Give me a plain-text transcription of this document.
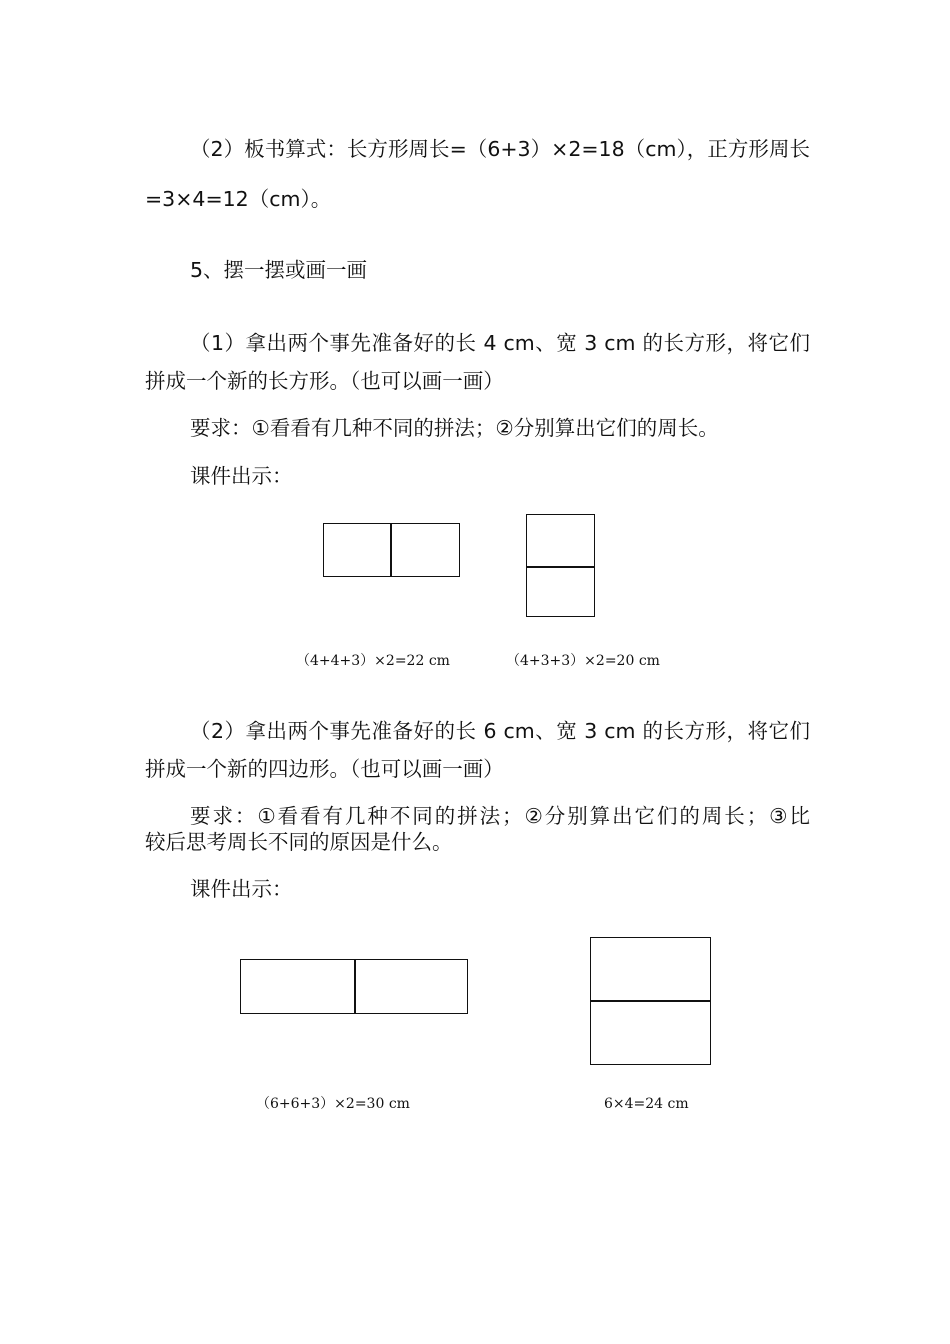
（2）板书算式：长方形周长=（6+3）×2=18（cm），正方形周长
=3×4=12（cm）。
5、摆一摆或画一画
（1）拿出两个事先准备好的长 4 cm、宽 3 cm 的长方形，将它们
拼成一个新的长方形。（也可以画一画）
要求：①看看有几种不同的拼法；②分别算出它们的周长。
课件出示：
（4+4+3）×2=22 cm	（4+3+3）×2=20 cm
（2）拿出两个事先准备好的长 6 cm、宽 3 cm 的长方形，将它们
拼成一个新的四边形。（也可以画一画）
要求：①看看有几种不同的拼法；②分别算出它们的周长；③比
较后思考周长不同的原因是什么。
课件出示：
（6+6+3）×2=30 cm	6×4=24 cm
